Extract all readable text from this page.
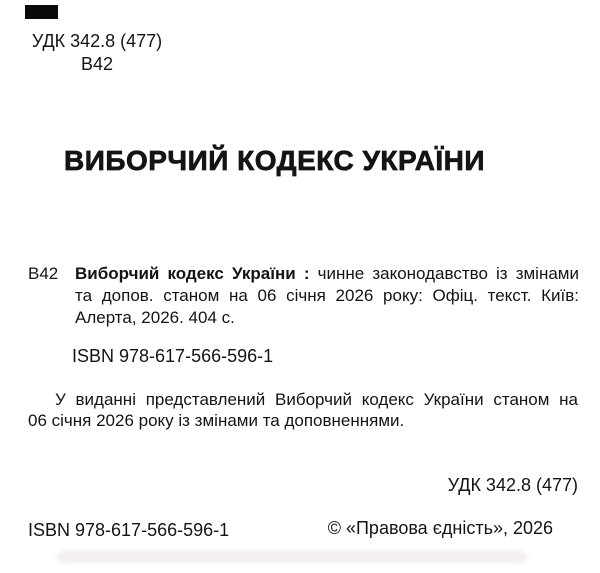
УДК 342.8 (477)
В42
ВИБОРЧИЙ КОДЕКС УКРАЇНИ
В42 Виборчий кодекс України : чинне законодавство із змінами
та допов. станом на 06 січня 2026 року: Офіц. текст. Київ:
Алерта, 2026. 404 с.
ISBN 978-617-566-596-1
У виданні представлений Виборчий кодекс України станом на
06 січня 2026 року із змінами та доповненнями.
УДК 342.8 (477)
ISBN 978-617-566-596-1	© «Правова єдність», 2026
